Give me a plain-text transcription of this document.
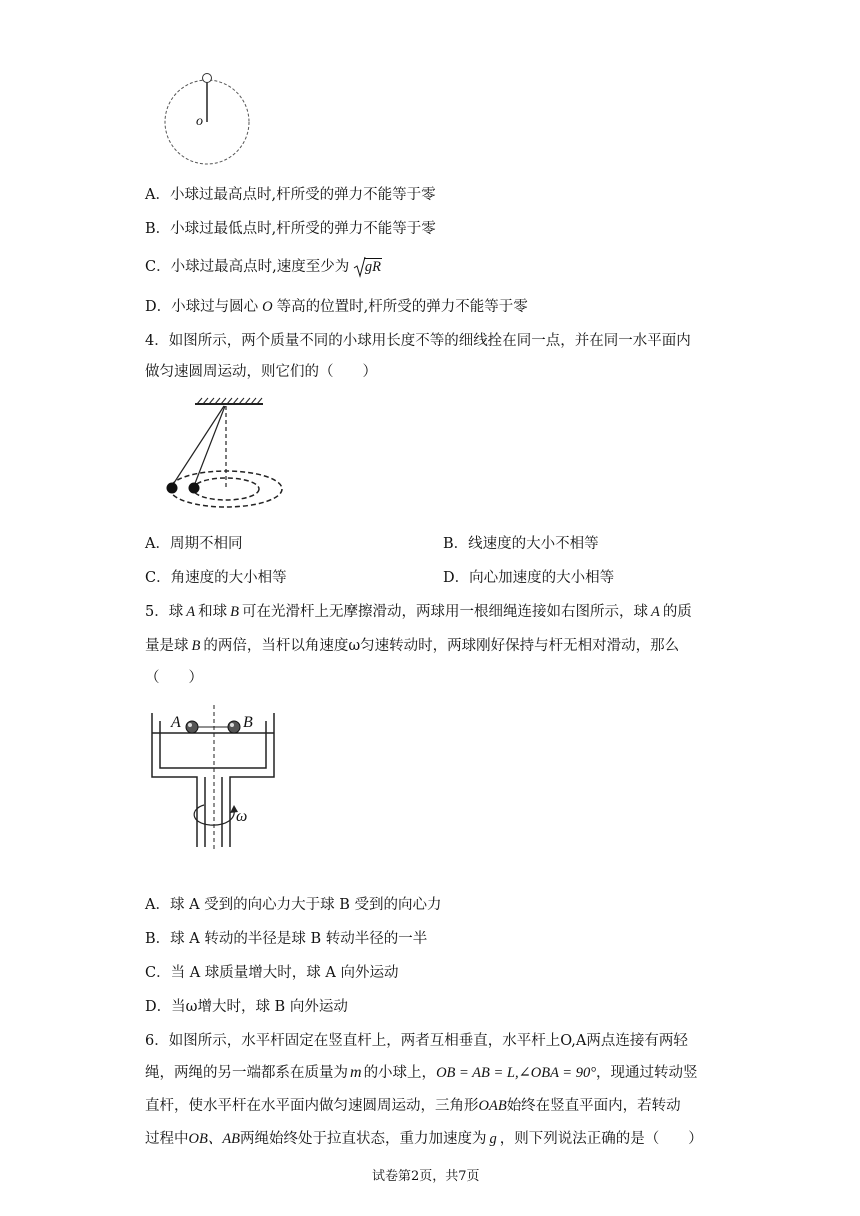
o
A．小球过最高点时,杆所受的弹力不能等于零
B．小球过最低点时,杆所受的弹力不能等于零
C．小球过最高点时,速度至少为 gR
D．小球过与圆心 O 等高的位置时,杆所受的弹力不能等于零
4．如图所示，两个质量不同的小球用长度不等的细线拴在同一点，并在同一水平面内
做匀速圆周运动，则它们的（　　）
A．周期不相同	B．线速度的大小不相等
C．角速度的大小相等	D．向心加速度的大小相等
5．球 A 和球 B 可在光滑杆上无摩擦滑动，两球用一根细绳连接如右图所示，球 A 的质
量是球 B 的两倍，当杆以角速度ω匀速转动时，两球刚好保持与杆无相对滑动，那么
（　　）
A	B
ω
A．球 A 受到的向心力大于球 B 受到的向心力
B．球 A 转动的半径是球 B 转动半径的一半
C．当 A 球质量增大时，球 A 向外运动
D．当ω增大时，球 B 向外运动
6．如图所示，水平杆固定在竖直杆上，两者互相垂直，水平杆上O,A两点连接有两轻
绳，两绳的另一端都系在质量为 m 的小球上，OB = AB = L,∠OBA = 90°，现通过转动竖
直杆，使水平杆在水平面内做匀速圆周运动，三角形OAB始终在竖直平面内，若转动
过程中OB、AB两绳始终处于拉直状态，重力加速度为 g ，则下列说法正确的是（　　）
试卷第2页，共7页
